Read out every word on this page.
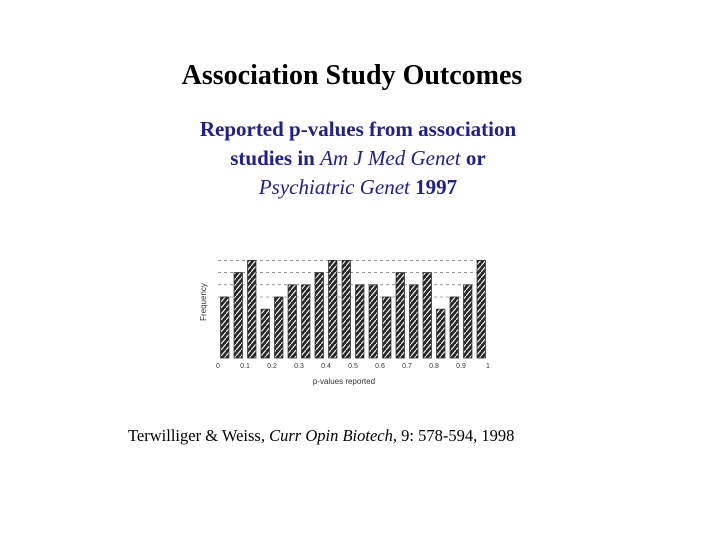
Association Study Outcomes
Reported p-values from association
studies in Am J Med Genet or
Psychiatric Genet 1997
0	0.1 0.2 0.3 0.4 0.5 0.6 0.7 0.8 0.9	1
Frequency
p-values reported
Terwilliger & Weiss, Curr Opin Biotech, 9: 578-594, 1998
